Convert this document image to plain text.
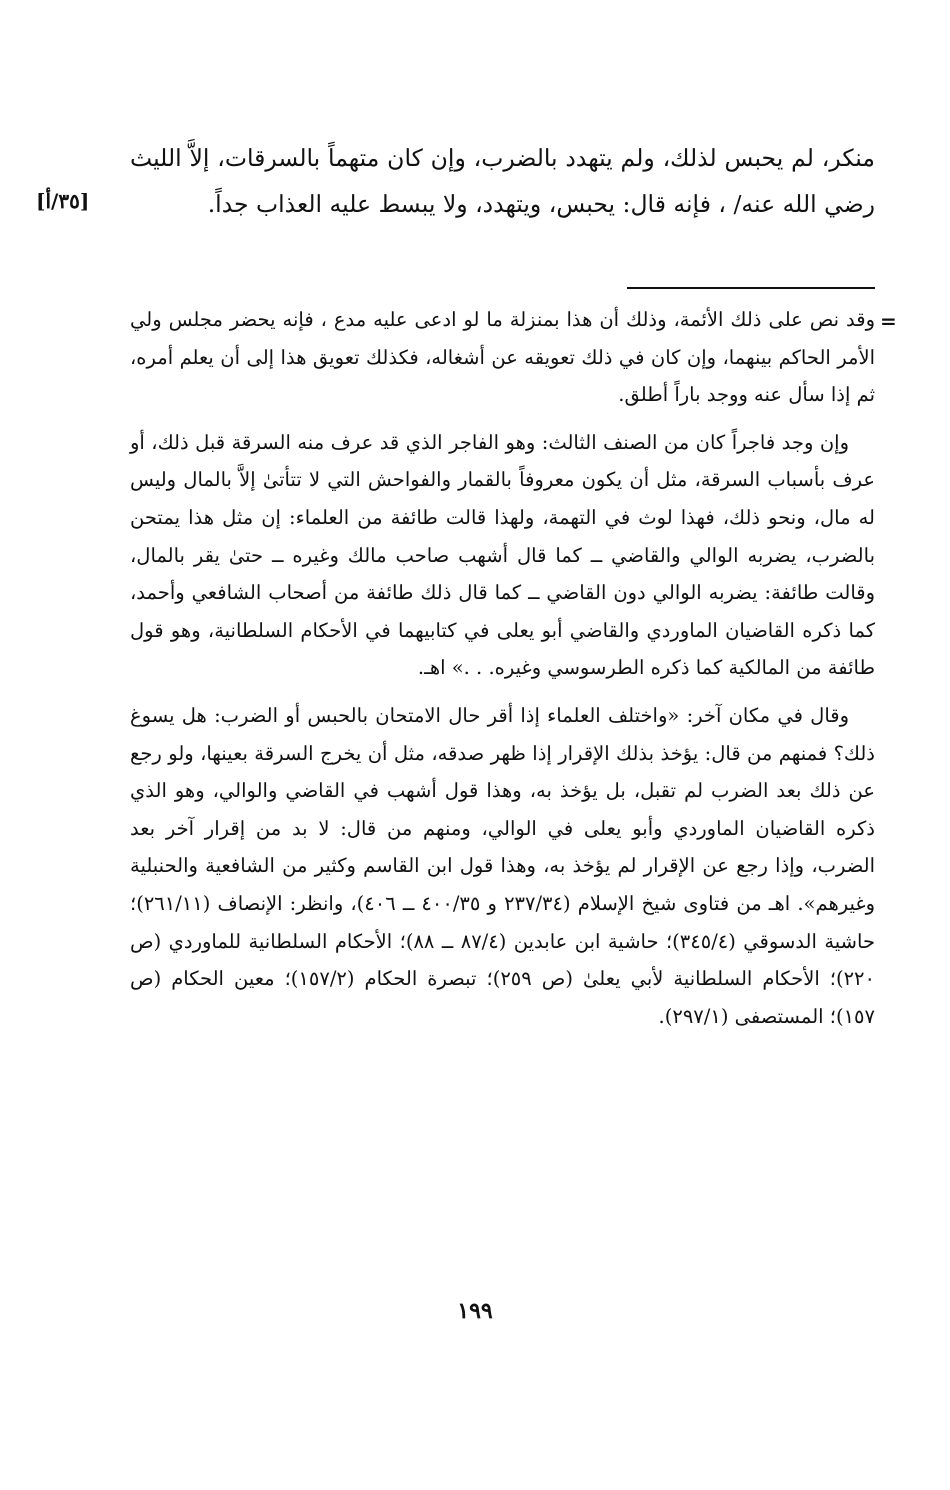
منكر، لم يحبس لذلك، ولم يتهدد بالضرب، وإن كان متهماً بالسرقات، إلاَّ الليث رضي الله عنه/ ، فإنه قال: يحبس، ويتهدد، ولا يبسط عليه العذاب جداً.

[٣٥/أ]
=

وقد نص على ذلك الأئمة، وذلك أن هذا بمنزلة ما لو ادعى عليه مدع ، فإنه يحضر مجلس ولي الأمر الحاكم بينهما، وإن كان في ذلك تعويقه عن أشغاله، فكذلك تعويق هذا إلى أن يعلم أمره، ثم إذا سأل عنه ووجد باراً أطلق.

وإن وجد فاجراً كان من الصنف الثالث: وهو الفاجر الذي قد عرف منه السرقة قبل ذلك، أو عرف بأسباب السرقة، مثل أن يكون معروفاً بالقمار والفواحش التي لا تتأتىٰ إلاَّ بالمال وليس له مال، ونحو ذلك، فهذا لوث في التهمة، ولهذا قالت طائفة من العلماء: إن مثل هذا يمتحن بالضرب، يضربه الوالي والقاضي ــ كما قال أشهب صاحب مالك وغيره ــ حتىٰ يقر بالمال، وقالت طائفة: يضربه الوالي دون القاضي ــ كما قال ذلك طائفة من أصحاب الشافعي وأحمد، كما ذكره القاضيان الماوردي والقاضي أبو يعلى في كتابيهما في الأحكام السلطانية، وهو قول طائفة من المالكية كما ذكره الطرسوسي وغيره. . .» اهـ.

وقال في مكان آخر: «واختلف العلماء إذا أقر حال الامتحان بالحبس أو الضرب: هل يسوغ ذلك؟ فمنهم من قال: يؤخذ بذلك الإقرار إذا ظهر صدقه، مثل أن يخرج السرقة بعينها، ولو رجع عن ذلك بعد الضرب لم تقبل، بل يؤخذ به، وهذا قول أشهب في القاضي والوالي، وهو الذي ذكره القاضيان الماوردي وأبو يعلى في الوالي، ومنهم من قال: لا بد من إقرار آخر بعد الضرب، وإذا رجع عن الإقرار لم يؤخذ به، وهذا قول ابن القاسم وكثير من الشافعية والحنبلية وغيرهم». اهـ من فتاوى شيخ الإسلام (٢٣٧/٣٤ و ٤٠٠/٣٥ ــ ٤٠٦)، وانظر: الإنصاف (٢٦١/١١)؛ حاشية الدسوقي (٣٤٥/٤)؛ حاشية ابن عابدين (٨٧/٤ ــ ٨٨)؛ الأحكام السلطانية للماوردي (ص ٢٢٠)؛ الأحكام السلطانية لأبي يعلىٰ (ص ٢٥٩)؛ تبصرة الحكام (١٥٧/٢)؛ معين الحكام (ص ١٥٧)؛ المستصفى (٢٩٧/١).

١٩٩
